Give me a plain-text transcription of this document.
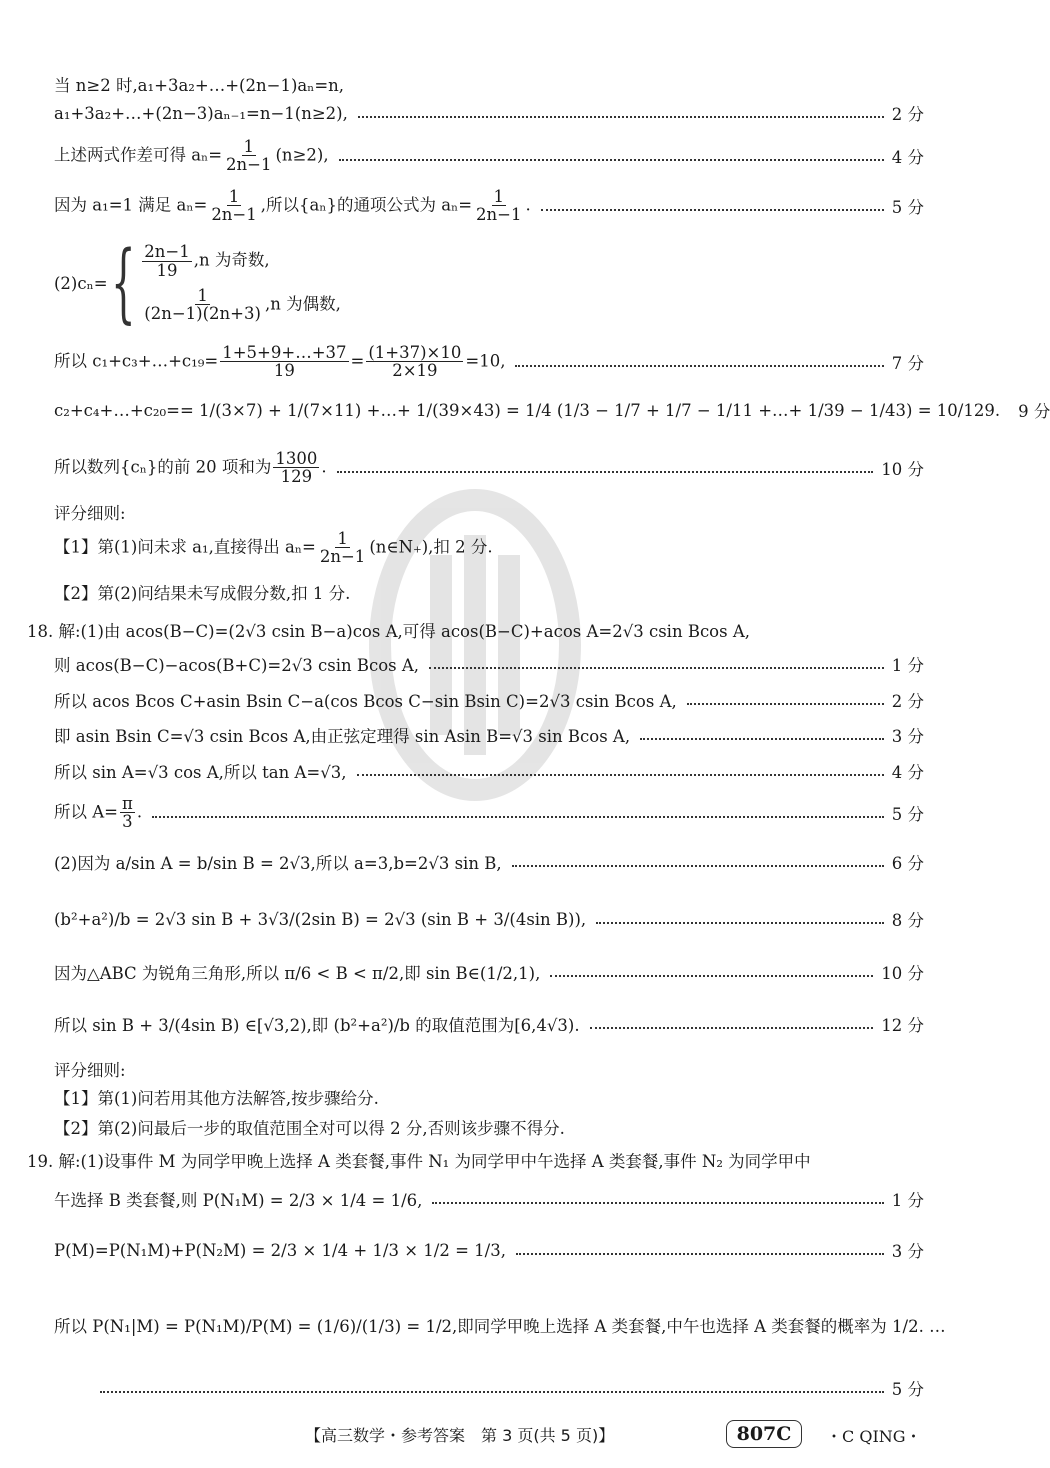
当 n≥2 时,a₁+3a₂+…+(2n−1)aₙ=n,
a₁+3a₂+…+(2n−3)aₙ₋₁=n−1(n≥2),	2 分
上述两式作差可得 $a_n= \frac{1}{2n-1} (n\ge 2)$,	4 分
因为 a₁=1 满足 $a_n= \frac{1}{2n-1}$ ,所以{aₙ}的通项公式为 $a_n= \frac{1}{2n-1}$ .	5 分
(2)cₙ= { $\frac{2n-1}{19} ,n$ 为奇数,
$\frac{1}{(2n-1)(2n+3)} ,n$ 为偶数,
所以 c₁+c₃+…+c₁₉= $\frac{1+5+9+\dots+37}{19} = \frac{(1+37)\times 10}{2\times 19} =10$,	7 分
c₂+c₄+…+c₂₀== 1/(3×7) + 1/(7×11) +…+ 1/(39×43) = 1/4 (1/3 − 1/7 + 1/7 − 1/11 +…+ 1/39 − 1/43) = 10/129. 9 分
所以数列{cₙ}的前 20 项和为 $\frac{1300}{129}$ .	10 分
评分细则:
【1】第(1)问未求 a₁,直接得出 $a_n= \frac{1}{2n-1}$ (n∈N₊),扣 2 分.
【2】第(2)问结果未写成假分数,扣 1 分.
18. 解:(1)由 acos(B−C)=(2√3 csin B−a)cos A,可得 acos(B−C)+acos A=2√3 csin Bcos A,
则 acos(B−C)−acos(B+C)=2√3 csin Bcos A,	1 分
所以 acos Bcos C+asin Bsin C−a(cos Bcos C−sin Bsin C)=2√3 csin Bcos A,	2 分
即 asin Bsin C=√3 csin Bcos A,由正弦定理得 sin Asin B=√3 sin Bcos A,	3 分
所以 sin A=√3 cos A,所以 tan A=√3,	4 分
所以 $A= \frac{\pi}{3}$ .	5 分
(2)因为 a/sin A = b/sin B = 2√3,所以 a=3,b=2√3 sin B,	6 分
(b²+a²)/b = 2√3 sin B + 3√3/(2sin B) = 2√3 (sin B + 3/(4sin B)),	8 分
因为△ABC 为锐角三角形,所以 π/6 < B < π/2,即 sin B∈(1/2,1),	10 分
所以 sin B + 3/(4sin B) ∈[√3,2),即 (b²+a²)/b 的取值范围为[6,4√3).	12 分
评分细则:
【1】第(1)问若用其他方法解答,按步骤给分.
【2】第(2)问最后一步的取值范围全对可以得 2 分,否则该步骤不得分.
19. 解:(1)设事件 M 为同学甲晚上选择 A 类套餐,事件 N₁ 为同学甲中午选择 A 类套餐,事件 N₂ 为同学甲中
午选择 B 类套餐,则 P(N₁M) = 2/3 × 1/4 = 1/6,	1 分
P(M)=P(N₁M)+P(N₂M) = 2/3 × 1/4 + 1/3 × 1/2 = 1/3,	3 分
所以 P(N₁|M) = P(N₁M)/P(M) = (1/6)/(1/3) = 1/2,即同学甲晚上选择 A 类套餐,中午也选择 A 类套餐的概率为 1/2. …
5 分
【高三数学・参考答案　第 3 页(共 5 页)】	807C	・C QING・
